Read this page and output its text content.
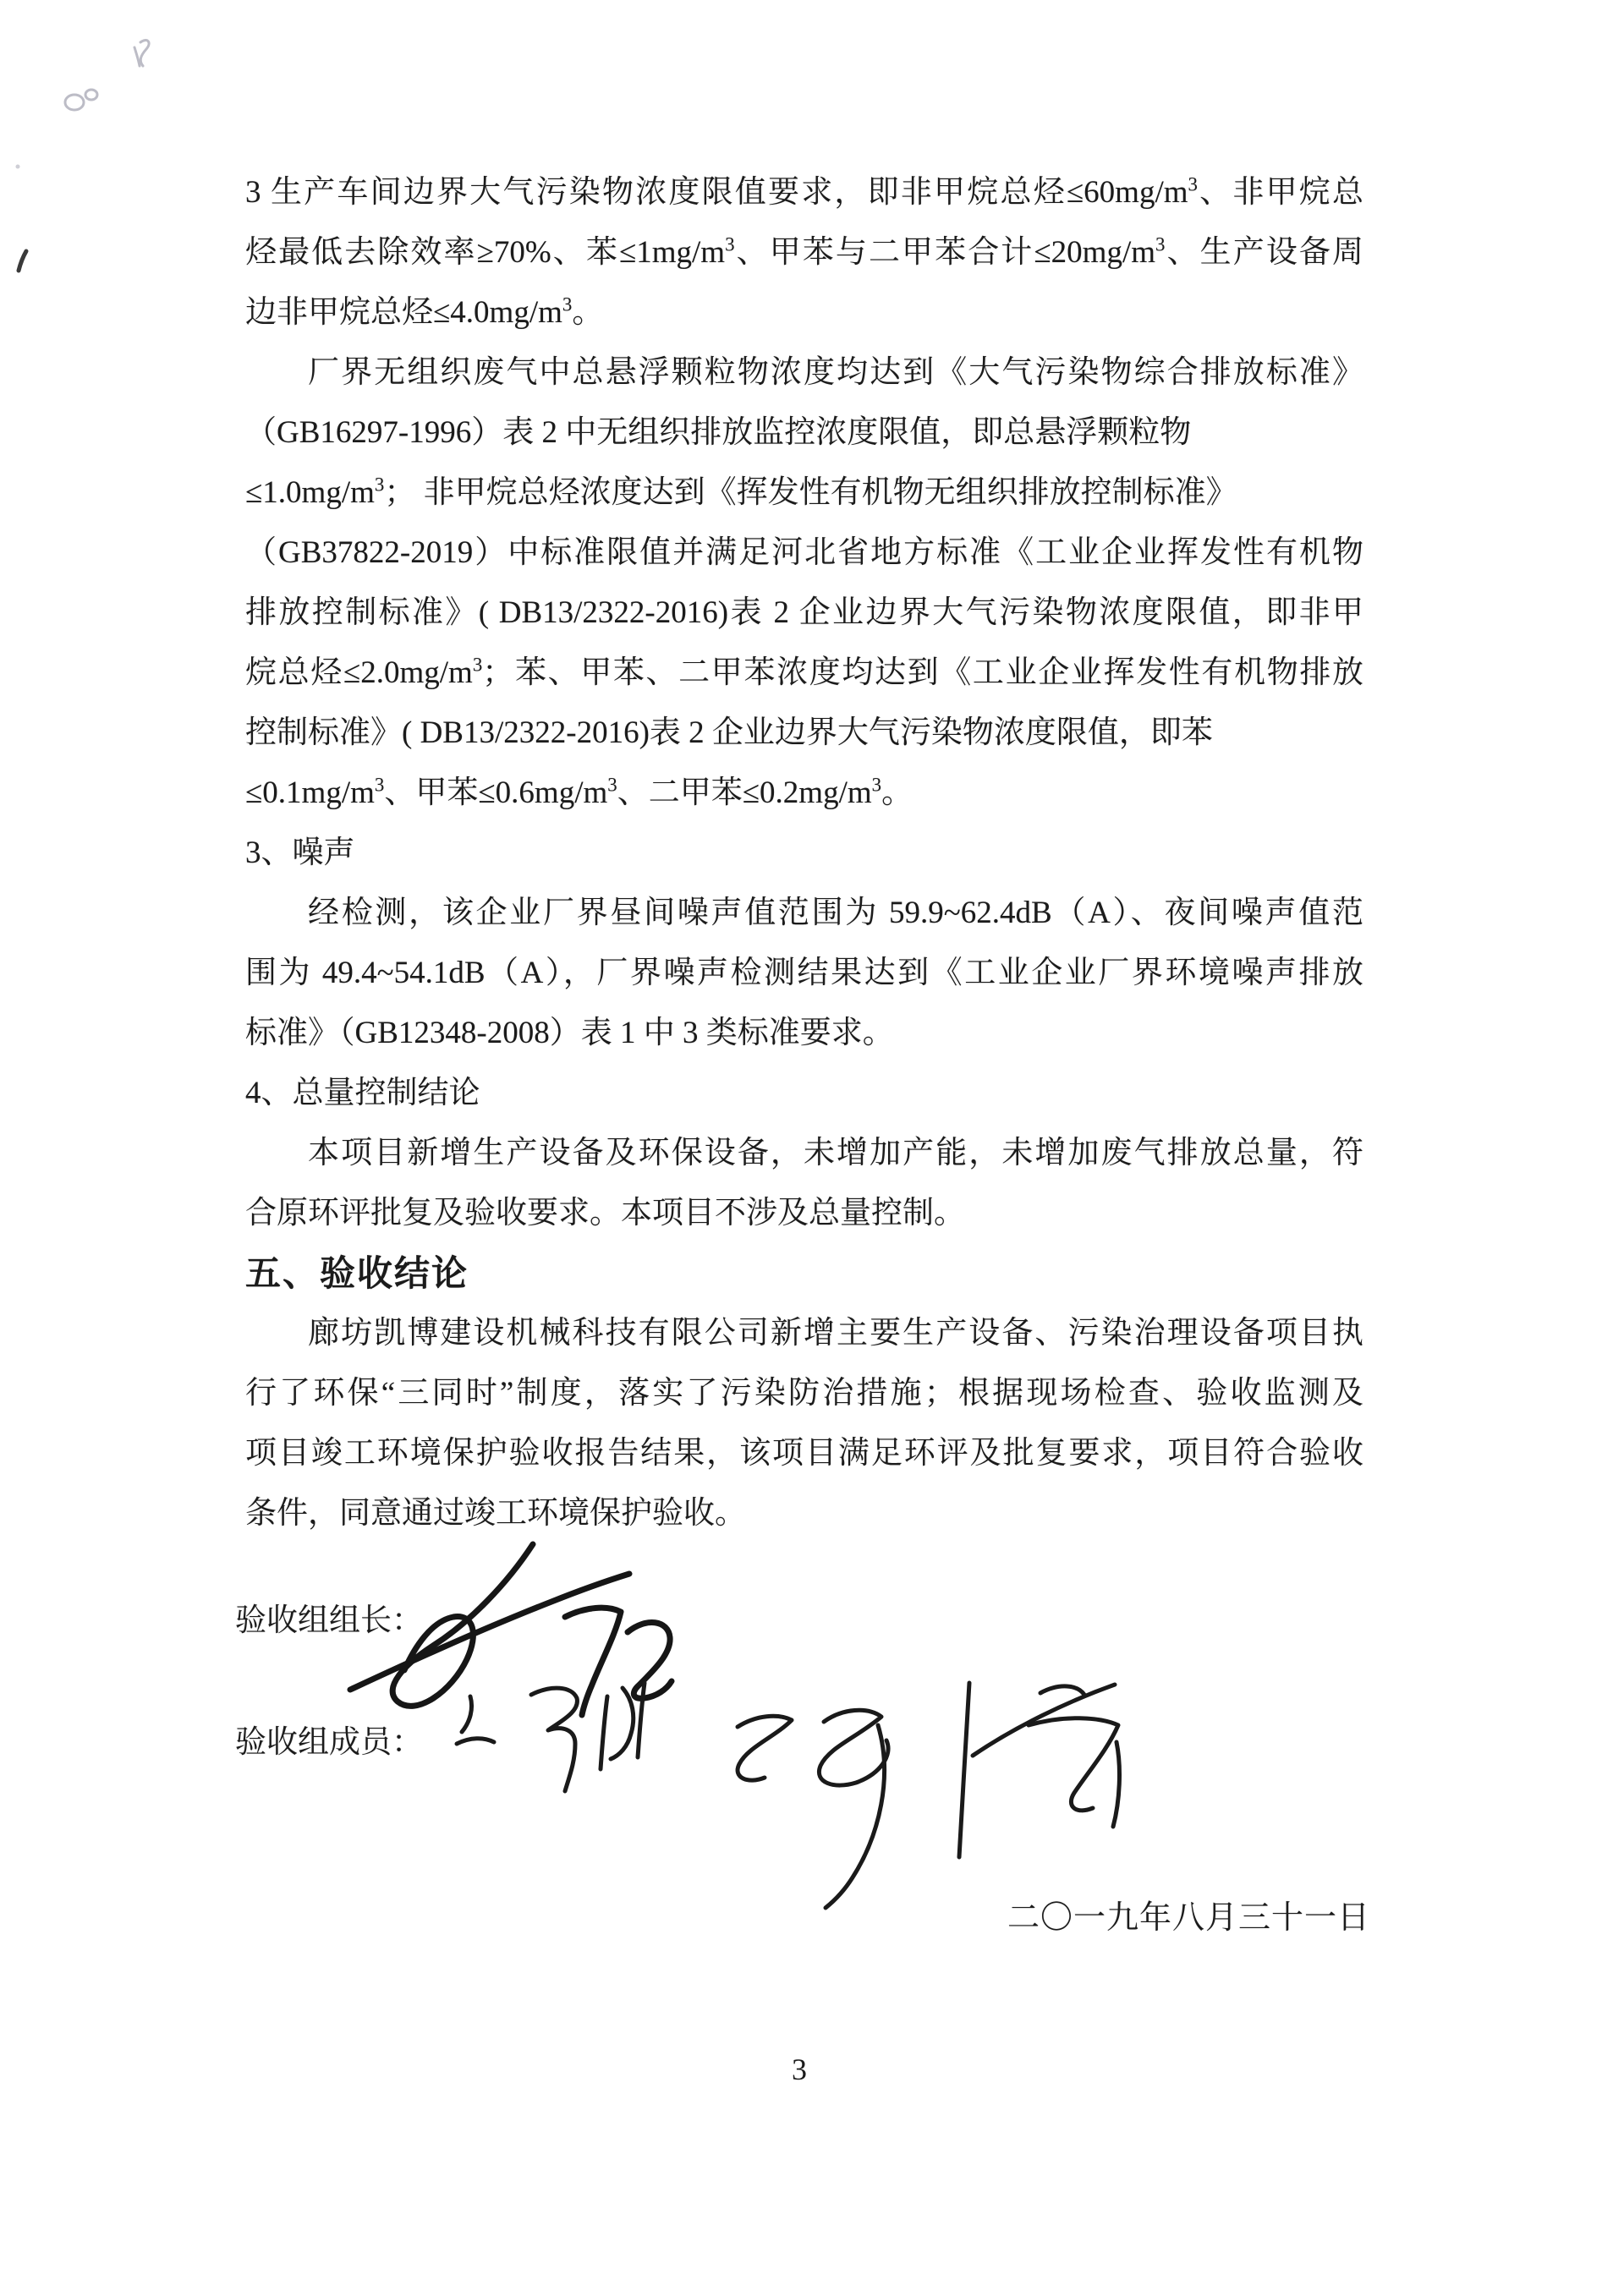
3 生产车间边界大气污染物浓度限值要求，即非甲烷总烃$\le 60mg/m^3$、非甲烷总
烃最低去除效率≥70%、苯$\le 1mg/m^3$、甲苯与二甲苯合计$\le 20mg/m^3$、生产设备周
边非甲烷总烃$\le 4.0mg/m^3$。
厂界无组织废气中总悬浮颗粒物浓度均达到《大气污染物综合排放标准》
（GB16297-1996）表 2 中无组织排放监控浓度限值，即总悬浮颗粒物
$\le 1.0mg/m^3$； 非甲烷总烃浓度达到《挥发性有机物无组织排放控制标准》
（GB37822-2019）中标准限值并满足河北省地方标准《工业企业挥发性有机物
排放控制标准》( DB13/2322-2016)表 2 企业边界大气污染物浓度限值，即非甲
烷总烃$\le 2.0mg/m^3$；苯、甲苯、二甲苯浓度均达到《工业企业挥发性有机物排放
控制标准》( DB13/2322-2016)表 2 企业边界大气污染物浓度限值，即苯
$\le 0.1mg/m^3$、甲苯$\le 0.6mg/m^3$、二甲苯$\le 0.2mg/m^3$。
3、噪声
经检测，该企业厂界昼间噪声值范围为 59.9~62.4dB（A）、夜间噪声值范
围为 49.4~54.1dB（A），厂界噪声检测结果达到《工业企业厂界环境噪声排放
标准》（GB12348-2008）表 1 中 3 类标准要求。
4、总量控制结论
本项目新增生产设备及环保设备，未增加产能，未增加废气排放总量，符
合原环评批复及验收要求。本项目不涉及总量控制。
五、验收结论
廊坊凯博建设机械科技有限公司新增主要生产设备、污染治理设备项目执
行了环保“三同时”制度，落实了污染防治措施；根据现场检查、验收监测及
项目竣工环境保护验收报告结果，该项目满足环评及批复要求，项目符合验收
条件，同意通过竣工环境保护验收。
验收组组长：
验收组成员：
二〇一九年八月三十一日
3
